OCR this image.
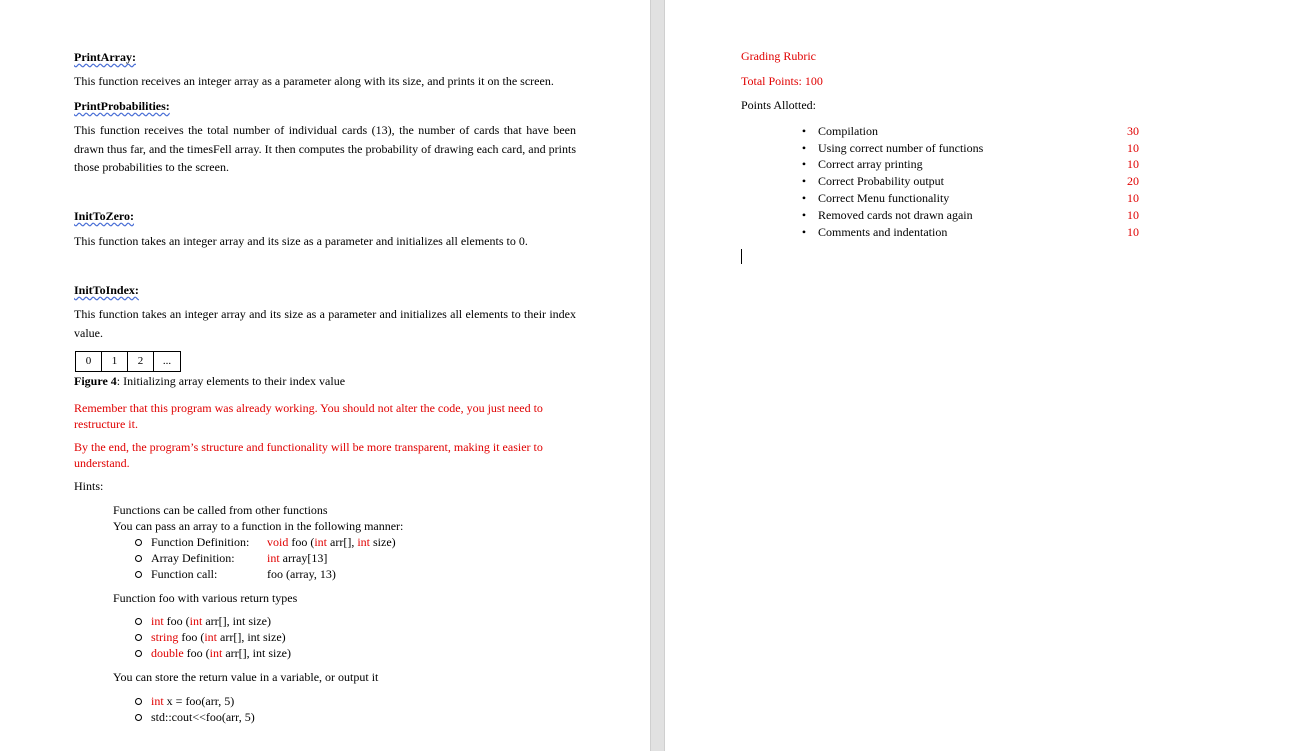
PrintArray:
This function receives an integer array as a parameter along with its size, and prints it on the screen.
PrintProbabilities:
This function receives the total number of individual cards (13), the number of cards that have been drawn thus far, and the timesFell array. It then computes the probability of drawing each card, and prints those probabilities to the screen.
InitToZero:
This function takes an integer array and its size as a parameter and initializes all elements to 0.
InitToIndex:
This function takes an integer array and its size as a parameter and initializes all elements to their index value.
0	1	2	...
Figure 4: Initializing array elements to their index value
Remember that this program was already working. You should not alter the code, you just need to restructure it.
By the end, the program’s structure and functionality will be more transparent, making it easier to understand.
Hints:
Functions can be called from other functions
You can pass an array to a function in the following manner:
Function Definition: void foo (int arr[], int size)
Array Definition:	int array[13]
Function call:	foo (array, 13)
Function foo with various return types
int foo (int arr[], int size)
string foo (int arr[], int size)
double foo (int arr[], int size)
You can store the return value in a variable, or output it
int x = foo(arr, 5)
std::cout<<foo(arr, 5)
Grading Rubric
Total Points: 100
Points Allotted:
• Compilation	30
• Using correct number of functions	10
• Correct array printing	10
• Correct Probability output	20
• Correct Menu functionality	10
• Removed cards not drawn again	10
• Comments and indentation	10
